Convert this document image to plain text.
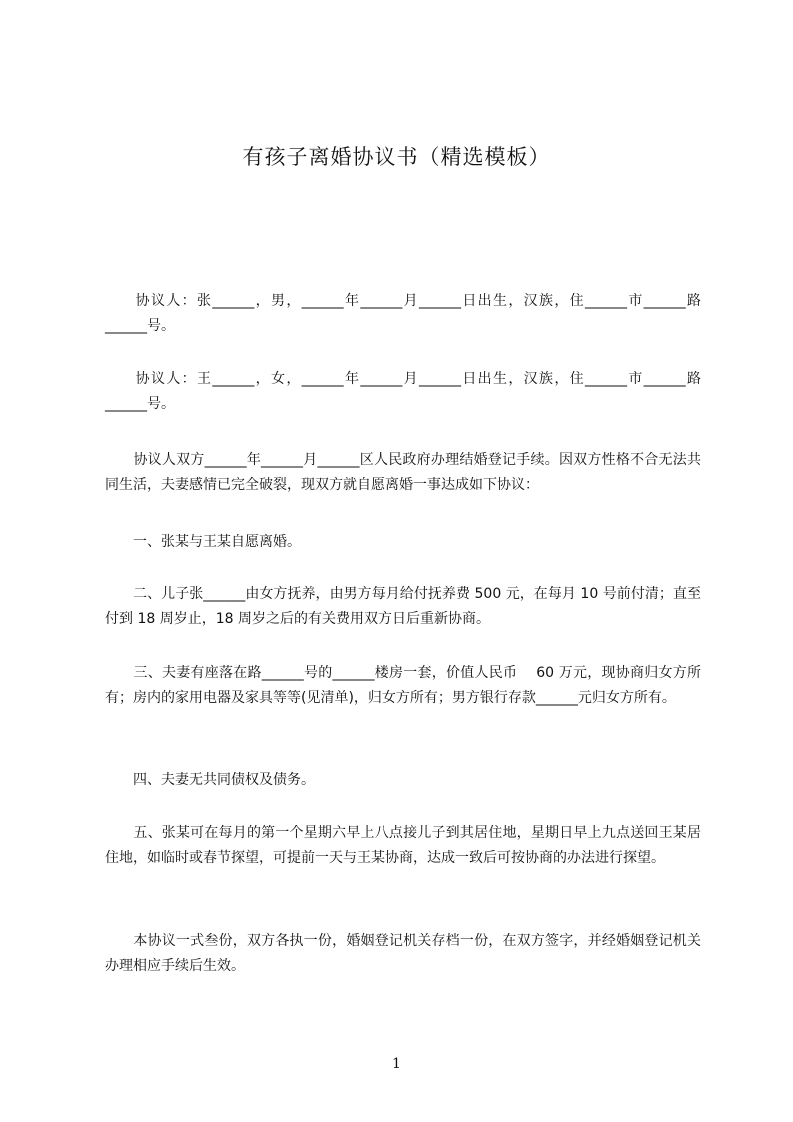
有孩子离婚协议书（精选模板）

　　协议人：张______，男，______年______月______日出生，汉族，住______市______路______号。

　　协议人：王______，女，______年______月______日出生，汉族，住______市______路______号。

　　协议人双方______年______月______区人民政府办理结婚登记手续。因双方性格不合无法共同生活，夫妻感情已完全破裂，现双方就自愿离婚一事达成如下协议：

　　一、张某与王某自愿离婚。

　　二、儿子张______由女方抚养，由男方每月给付抚养费 500 元，在每月 10 号前付清；直至付到 18 周岁止，18 周岁之后的有关费用双方日后重新协商。

　　三、夫妻有座落在路______号的______楼房一套，价值人民币　 60 万元，现协商归女方所有；房内的家用电器及家具等等(见清单)，归女方所有；男方银行存款______元归女方所有。

　　四、夫妻无共同债权及债务。

　　五、张某可在每月的第一个星期六早上八点接儿子到其居住地，星期日早上九点送回王某居住地，如临时或春节探望，可提前一天与王某协商，达成一致后可按协商的办法进行探望。

　　本协议一式叁份，双方各执一份，婚姻登记机关存档一份，在双方签字，并经婚姻登记机关办理相应手续后生效。

1
